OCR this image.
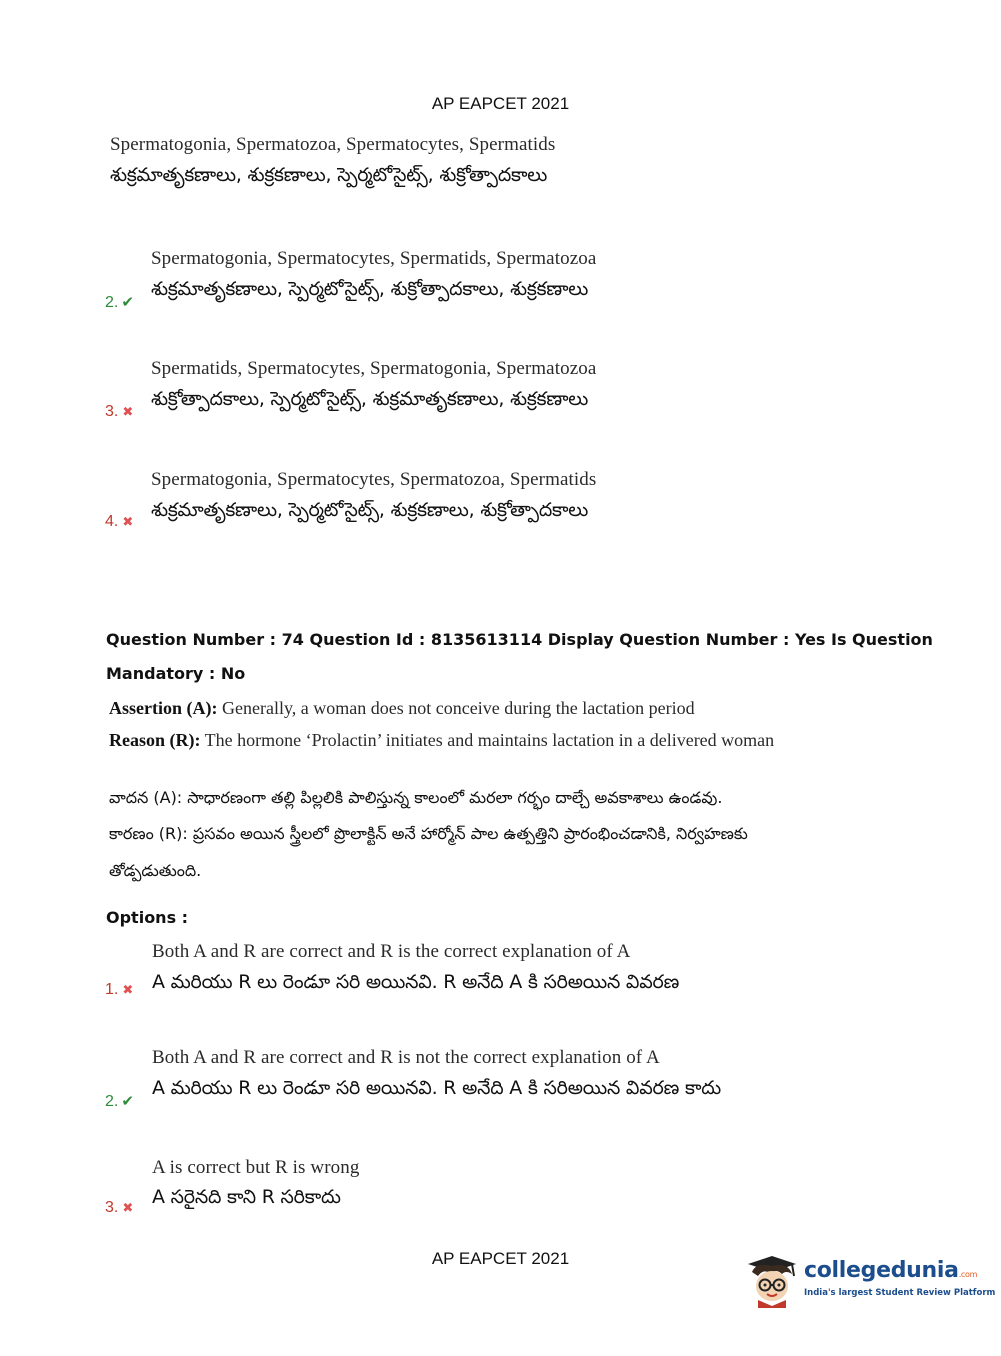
AP EAPCET 2021
Spermatogonia, Spermatozoa, Spermatocytes, Spermatids
శుక్రమాతృకణాలు, శుక్రకణాలు, స్పెర్మటోసైట్స్, శుక్రోత్పాదకాలు
Spermatogonia, Spermatocytes, Spermatids, Spermatozoa
శుక్రమాతృకణాలు, స్పెర్మటోసైట్స్, శుక్రోత్పాదకాలు, శుక్రకణాలు
2. ✔
Spermatids, Spermatocytes, Spermatogonia, Spermatozoa
శుక్రోత్పాదకాలు, స్పెర్మటోసైట్స్, శుక్రమాతృకణాలు, శుక్రకణాలు
3. ✖
Spermatogonia, Spermatocytes, Spermatozoa, Spermatids
శుక్రమాతృకణాలు, స్పెర్మటోసైట్స్, శుక్రకణాలు, శుక్రోత్పాదకాలు
4. ✖
Question Number : 74 Question Id : 8135613114 Display Question Number : Yes Is Question
Mandatory : No
Assertion (A): Generally, a woman does not conceive during the lactation period
Reason (R): The hormone ‘Prolactin’ initiates and maintains lactation in a delivered woman
వాదన (A): సాధారణంగా తల్లి పిల్లలికి పాలిస్తున్న కాలంలో మరలా గర్భం దాల్చే అవకాశాలు ఉండవు.
కారణం (R): ప్రసవం అయిన స్త్రీలలో ప్రొలాక్టిన్ అనే హార్మోన్ పాల ఉత్పత్తిని ప్రారంభించడానికి, నిర్వహణకు
తోడ్పడుతుంది.
Options :
Both A and R are correct and R is the correct explanation of A
A మరియు R లు రెండూ సరి అయినవి. R అనేది A కి సరిఅయిన వివరణ
1. ✖
Both A and R are correct and R is not the correct explanation of A
A మరియు R లు రెండూ సరి అయినవి. R అనేది A కి సరిఅయిన వివరణ కాదు
2. ✔
A is correct but R is wrong
A సరైనది కాని R సరికాదు
3. ✖
AP EAPCET 2021	collegedunia.com
India's largest Student Review Platform
